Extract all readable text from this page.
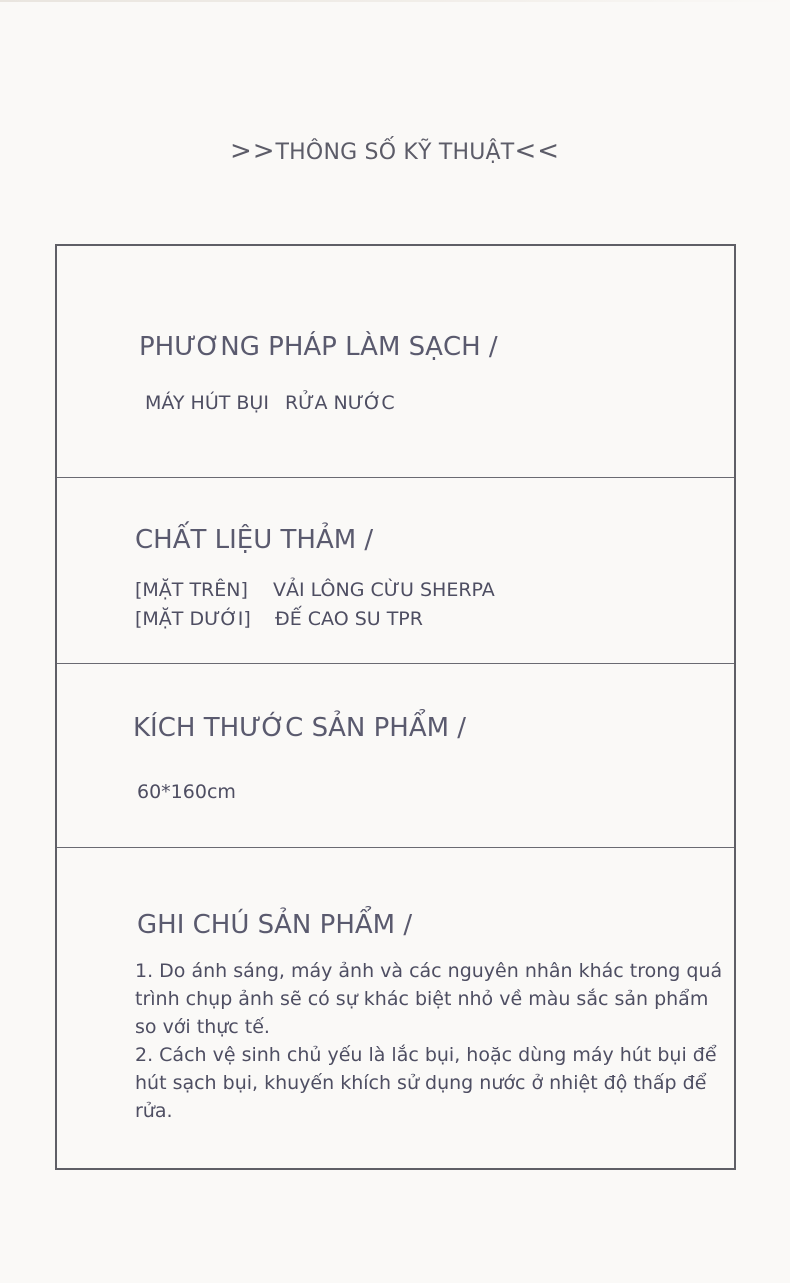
>>THÔNG SỐ KỸ THUẬT<<
PHƯƠNG PHÁP LÀM SẠCH /
MÁY HÚT BỤI RỬA NƯỚC
CHẤT LIỆU THẢM /
[MẶT TRÊN] VẢI LÔNG CỪU SHERPA
[MẶT DƯỚI] ĐẾ CAO SU TPR
KÍCH THƯỚC SẢN PHẨM /
60*160cm
GHI CHÚ SẢN PHẨM /

1. Do ánh sáng, máy ảnh và các nguyên nhân khác trong quá trình chụp ảnh sẽ có sự khác biệt nhỏ về màu sắc sản phẩm so với thực tế.

2. Cách vệ sinh chủ yếu là lắc bụi, hoặc dùng máy hút bụi để hút sạch bụi, khuyến khích sử dụng nước ở nhiệt độ thấp để rửa.
